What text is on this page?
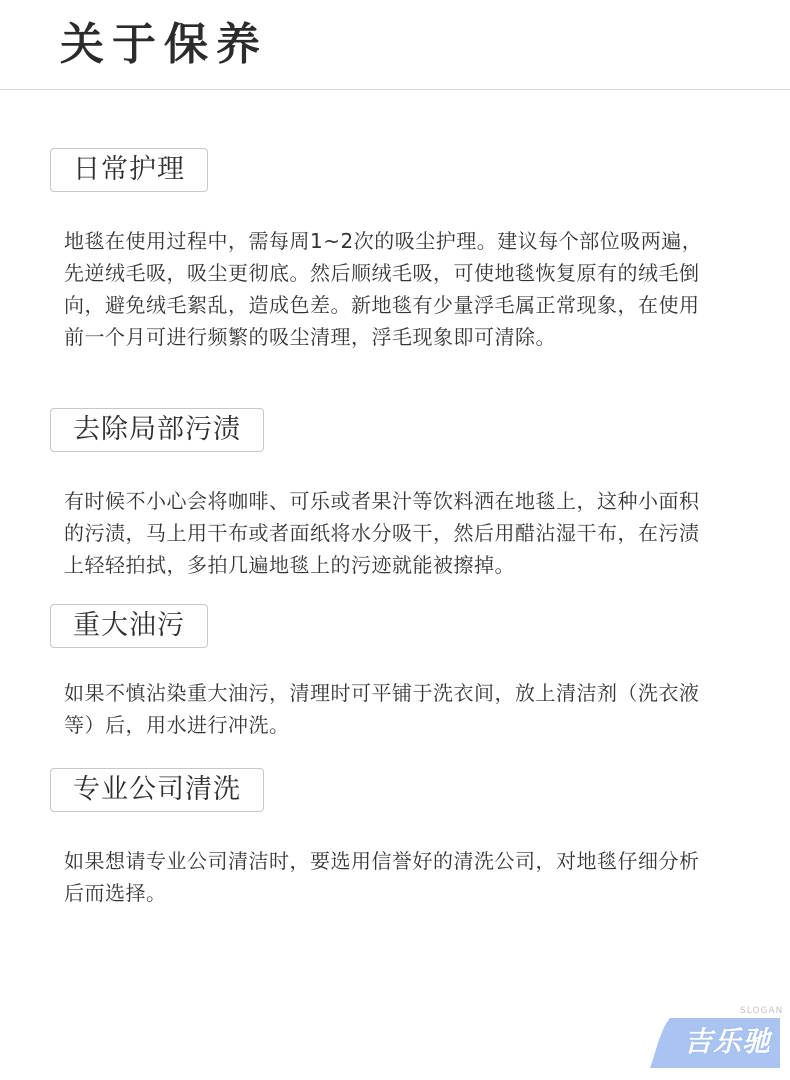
关于保养
日常护理

地毯在使用过程中，需每周1~2次的吸尘护理。建议每个部位吸两遍，先逆绒毛吸，吸尘更彻底。然后顺绒毛吸，可使地毯恢复原有的绒毛倒向，避免绒毛絮乱，造成色差。新地毯有少量浮毛属正常现象，在使用前一个月可进行频繁的吸尘清理，浮毛现象即可清除。

去除局部污渍

有时候不小心会将咖啡、可乐或者果汁等饮料洒在地毯上，这种小面积的污渍，马上用干布或者面纸将水分吸干，然后用醋沾湿干布，在污渍上轻轻拍拭，多拍几遍地毯上的污迹就能被擦掉。

重大油污

如果不慎沾染重大油污，清理时可平铺于洗衣间，放上清洁剂（洗衣液等）后，用水进行冲洗。

专业公司清洗

如果想请专业公司清洁时，要选用信誉好的清洗公司，对地毯仔细分析后而选择。

SLOGAN
吉乐驰
